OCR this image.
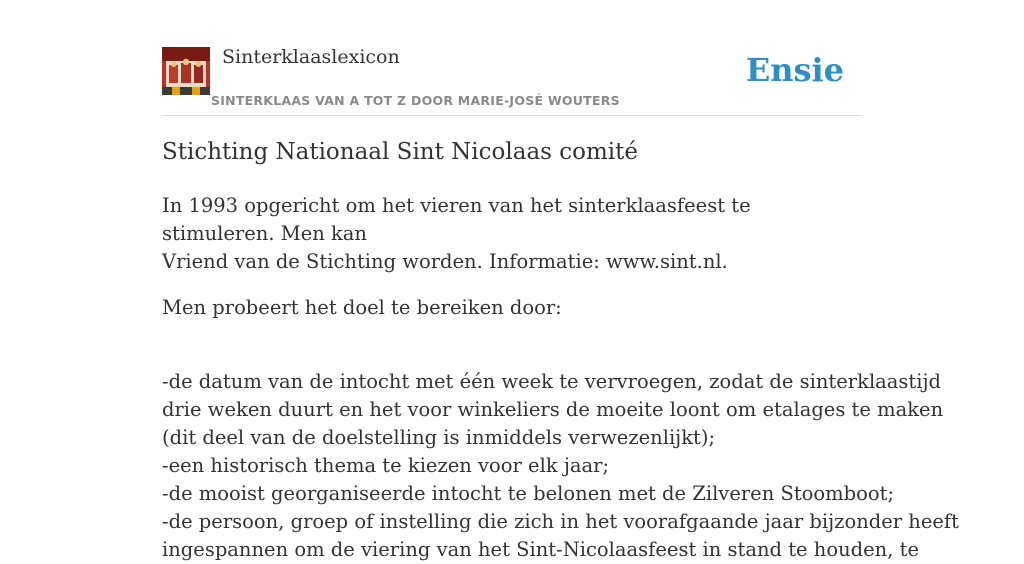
Sinterklaaslexicon
SINTERKLAAS VAN A TOT Z DOOR MARIE-JOSÉ WOUTERS
Ensie
Stichting Nationaal Sint Nicolaas comité

In 1993 opgericht om het vieren van het sinterklaasfeest te stimuleren. Men kan
Vriend van de Stichting worden. Informatie: www.sint.nl.

Men probeert het doel te bereiken door:

-de datum van de intocht met één week te vervroegen, zodat de sinterklaastijd
drie weken duurt en het voor winkeliers de moeite loont om etalages te maken
(dit deel van de doelstelling is inmiddels verwezenlijkt);
-een historisch thema te kiezen voor elk jaar;
-de mooist georganiseerde intocht te belonen met de Zilveren Stoomboot;
-de persoon, groep of instelling die zich in het voorafgaande jaar bijzonder heeft
ingespannen om de viering van het Sint-Nicolaasfeest in stand te houden, te
